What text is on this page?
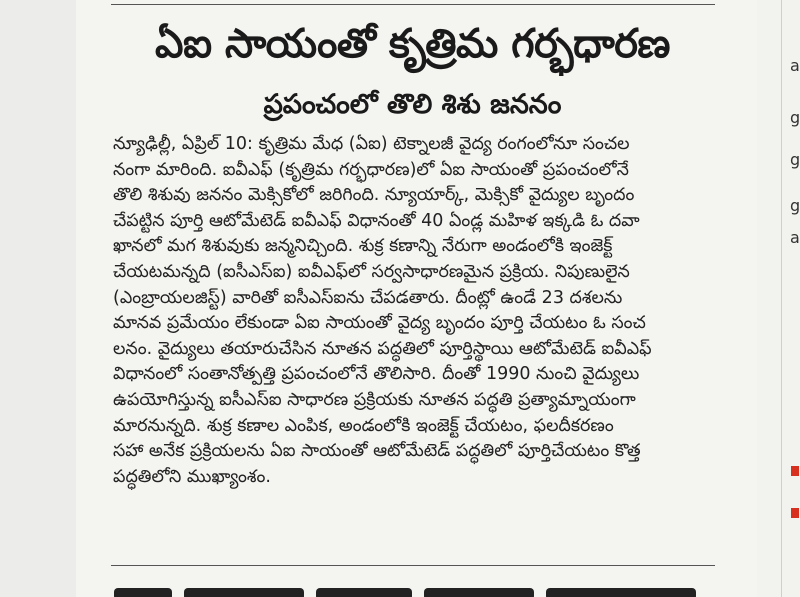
ఏఐ సాయంతో కృత్రిమ గర్భధారణ
ప్రపంచంలో తొలి శిశు జననం
న్యూఢిల్లీ, ఏప్రిల్ 10: కృత్రిమ మేధ (ఏఐ) టెక్నాలజీ వైద్య రంగంలోనూ సంచల
నంగా మారింది. ఐవీఎఫ్ (కృత్రిమ గర్భధారణ)లో ఏఐ సాయంతో ప్రపంచంలోనే
తొలి శిశువు జననం మెక్సికోలో జరిగింది. న్యూయార్క్, మెక్సికో వైద్యుల బృందం
చేపట్టిన పూర్తి ఆటోమేటెడ్ ఐవీఎఫ్ విధానంతో 40 ఏండ్ల మహిళ ఇక్కడి ఓ దవా
ఖానలో మగ శిశువుకు జన్మనిచ్చింది. శుక్ర కణాన్ని నేరుగా అండంలోకి ఇంజెక్ట్
చేయటమన్నది (ఐసీఎస్ఐ) ఐవీఎఫ్‌లో సర్వసాధారణమైన ప్రక్రియ. నిపుణులైన
(ఎంబ్రాయలజిస్ట్) వారితో ఐసీఎస్ఐను చేపడతారు. దీంట్లో ఉండే 23 దశలను
మానవ ప్రమేయం లేకుండా ఏఐ సాయంతో వైద్య బృందం పూర్తి చేయటం ఓ సంచ
లనం. వైద్యులు తయారుచేసిన నూతన పద్ధతిలో పూర్తిస్థాయి ఆటోమేటెడ్ ఐవీఎఫ్
విధానంలో సంతానోత్పత్తి ప్రపంచంలోనే తొలిసారి. దీంతో 1990 నుంచి వైద్యులు
ఉపయోగిస్తున్న ఐసీఎస్ఐ సాధారణ ప్రక్రియకు నూతన పద్ధతి ప్రత్యామ్నాయంగా
మారనున్నది. శుక్ర కణాల ఎంపిక, అండంలోకి ఇంజెక్ట్ చేయటం, ఫలదీకరణం
సహా అనేక ప్రక్రియలను ఏఐ సాయంతో ఆటోమేటెడ్ పద్ధతిలో పూర్తిచేయటం కొత్త
పద్ధతిలోని ముఖ్యాంశం.
a
g
g
g
a
